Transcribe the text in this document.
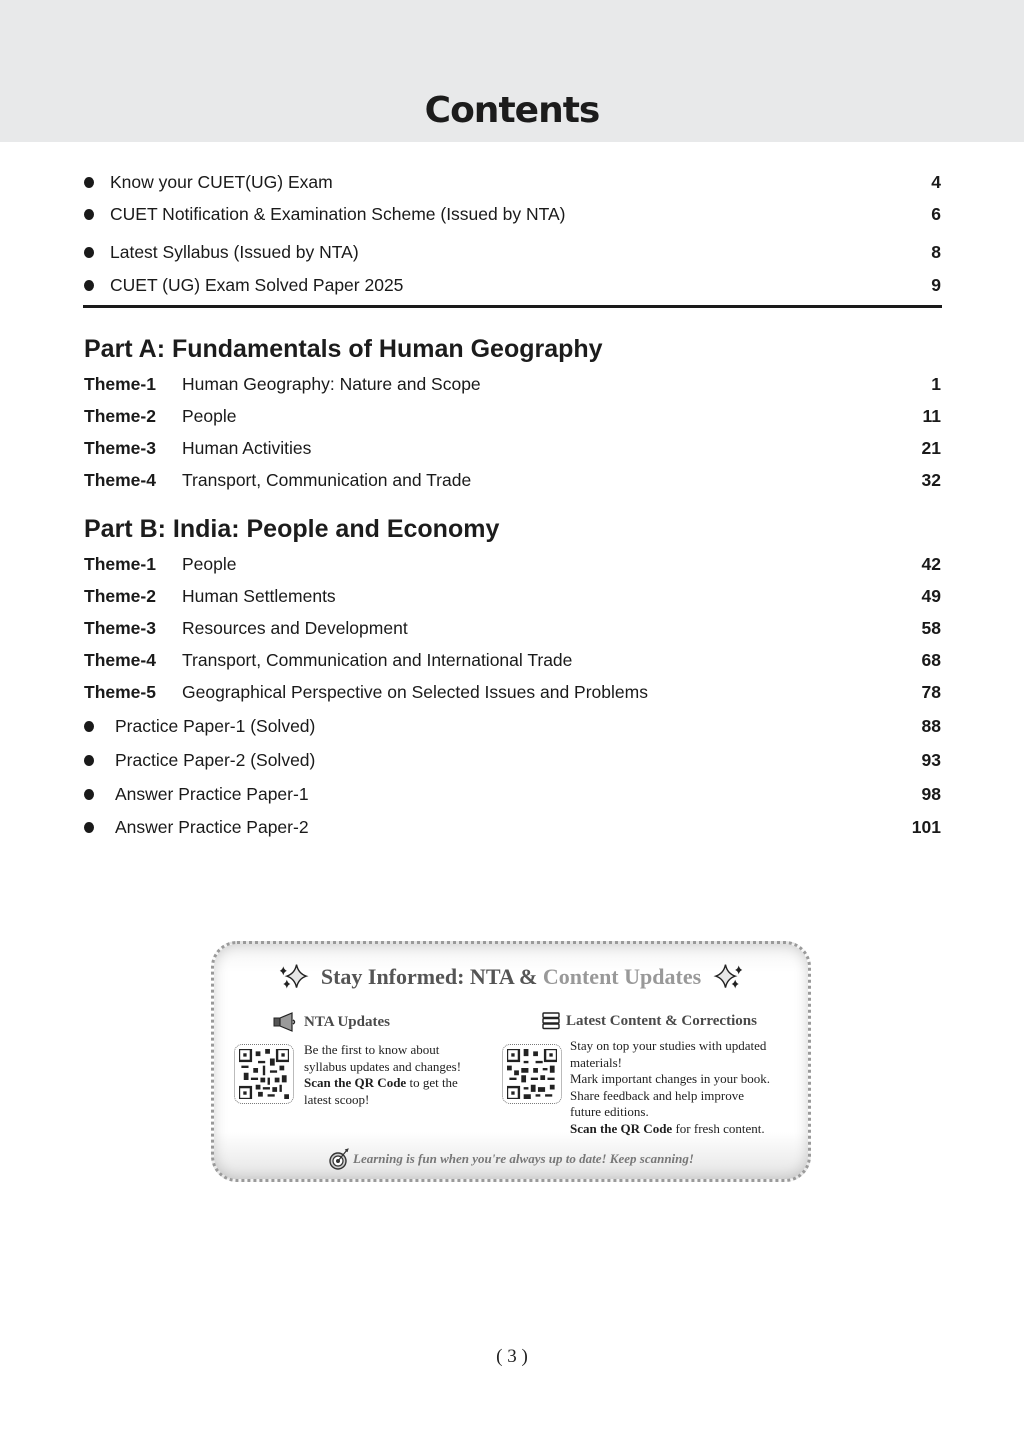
Contents
Know your CUET(UG) Exam	4
CUET Notification & Examination Scheme (Issued by NTA)	6
Latest Syllabus (Issued by NTA)	8
CUET (UG) Exam Solved Paper 2025	9
Part A: Fundamentals of Human Geography
Theme-1	Human Geography: Nature and Scope	1
Theme-2	People	11
Theme-3	Human Activities	21
Theme-4	Transport, Communication and Trade	32
Part B: India: People and Economy
Theme-1	People	42
Theme-2	Human Settlements	49
Theme-3	Resources and Development	58
Theme-4	Transport, Communication and International Trade	68
Theme-5	Geographical Perspective on Selected Issues and Problems	78
Practice Paper-1 (Solved)	88
Practice Paper-2 (Solved)	93
Answer Practice Paper-1	98
Answer Practice Paper-2	101
Stay Informed: NTA & Content Updates
NTA Updates
Be the first to know about
syllabus updates and changes!
Scan the QR Code to get the
latest scoop!
Latest Content & Corrections
Stay on top your studies with updated
materials!
Mark important changes in your book.
Share feedback and help improve
future editions.
Scan the QR Code for fresh content.
Learning is fun when you're always up to date! Keep scanning!
( 3 )
